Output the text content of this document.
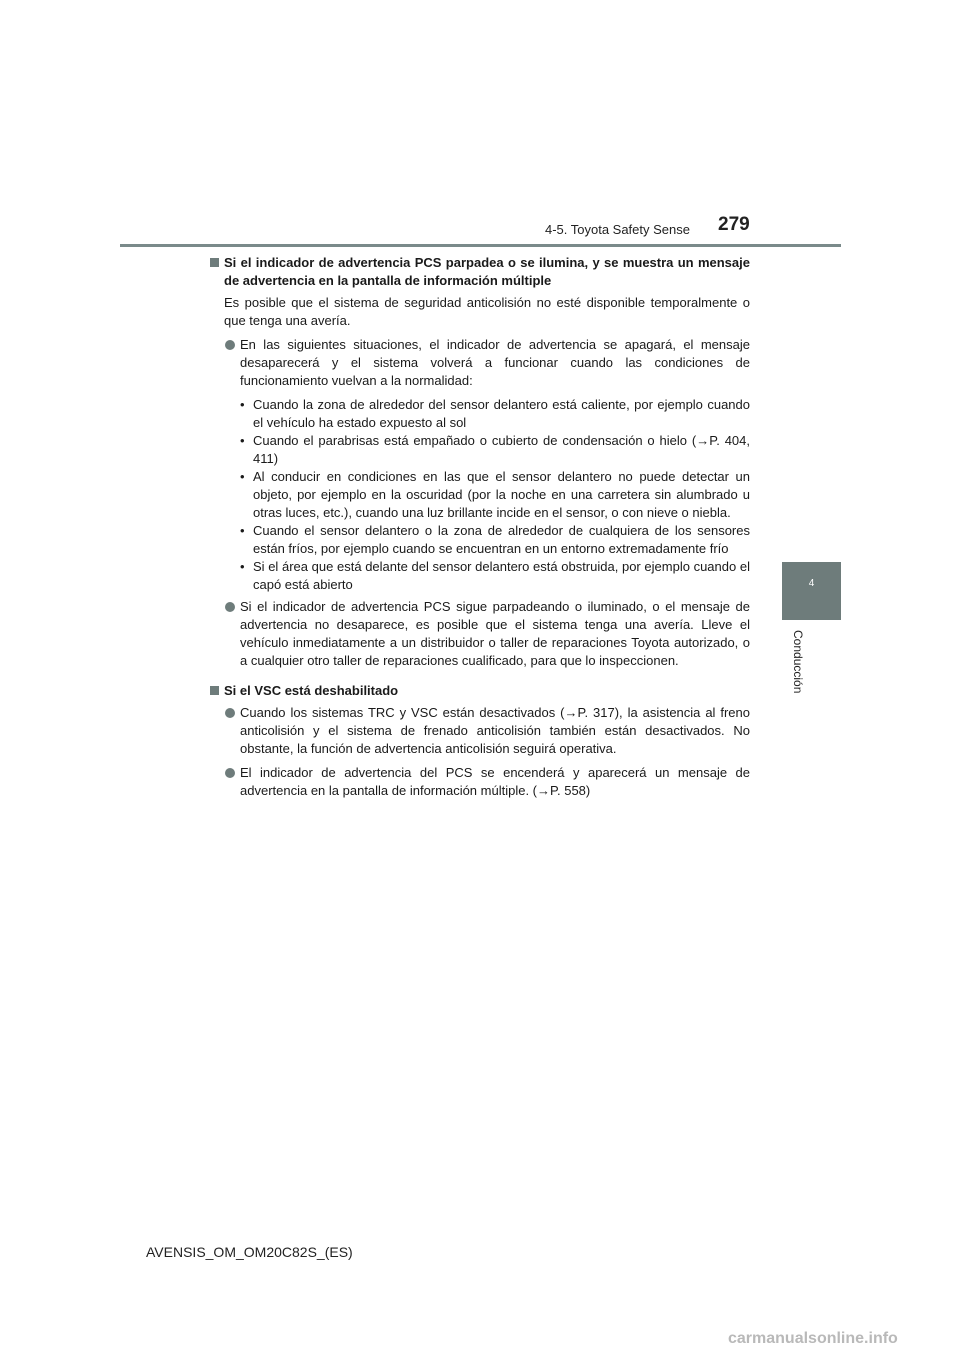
4-5. Toyota Safety Sense 279
4
Conducción
Si el indicador de advertencia PCS parpadea o se ilumina, y se muestra un mensaje de advertencia en la pantalla de información múltiple
Es posible que el sistema de seguridad anticolisión no esté disponible temporalmente o que tenga una avería.
En las siguientes situaciones, el indicador de advertencia se apagará, el mensaje desaparecerá y el sistema volverá a funcionar cuando las condiciones de funcionamiento vuelvan a la normalidad:
• Cuando la zona de alrededor del sensor delantero está caliente, por ejemplo cuando el vehículo ha estado expuesto al sol
• Cuando el parabrisas está empañado o cubierto de condensación o hielo (→P. 404, 411)
• Al conducir en condiciones en las que el sensor delantero no puede detectar un objeto, por ejemplo en la oscuridad (por la noche en una carretera sin alumbrado u otras luces, etc.), cuando una luz brillante incide en el sensor, o con nieve o niebla.
• Cuando el sensor delantero o la zona de alrededor de cualquiera de los sensores están fríos, por ejemplo cuando se encuentran en un entorno extremadamente frío
• Si el área que está delante del sensor delantero está obstruida, por ejemplo cuando el capó está abierto
Si el indicador de advertencia PCS sigue parpadeando o iluminado, o el mensaje de advertencia no desaparece, es posible que el sistema tenga una avería. Lleve el vehículo inmediatamente a un distribuidor o taller de reparaciones Toyota autorizado, o a cualquier otro taller de reparaciones cualificado, para que lo inspeccionen.
Si el VSC está deshabilitado
Cuando los sistemas TRC y VSC están desactivados (→P. 317), la asistencia al freno anticolisión y el sistema de frenado anticolisión también están desactivados. No obstante, la función de advertencia anticolisión seguirá operativa.
El indicador de advertencia del PCS se encenderá y aparecerá un mensaje de advertencia en la pantalla de información múltiple. (→P. 558)
AVENSIS_OM_OM20C82S_(ES)
carmanualsonline.info
